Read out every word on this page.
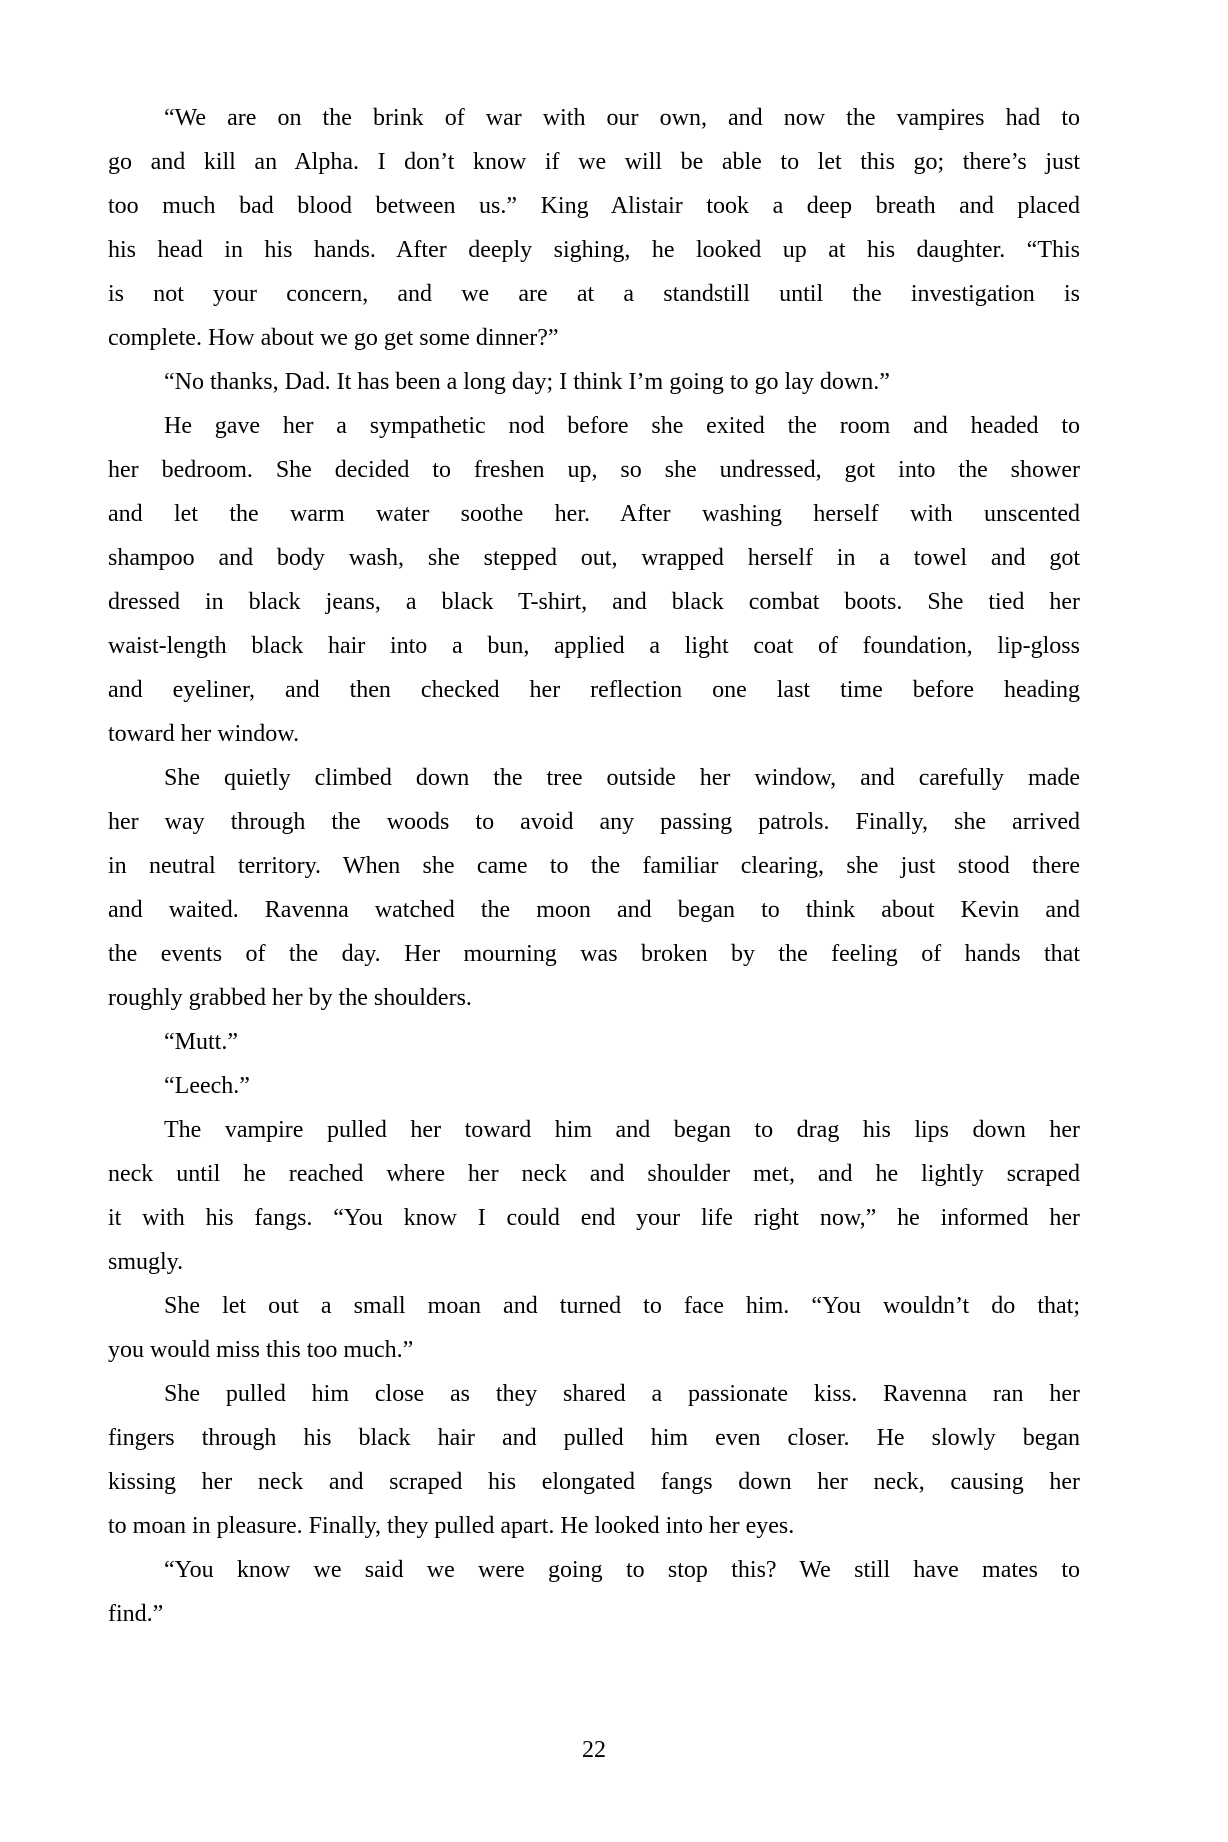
“We are on the brink of war with our own, and now the vampires had to
go and kill an Alpha. I don’t know if we will be able to let this go; there’s just
too much bad blood between us.” King Alistair took a deep breath and placed
his head in his hands. After deeply sighing, he looked up at his daughter. “This
is not your concern, and we are at a standstill until the investigation is
complete. How about we go get some dinner?”
“No thanks, Dad. It has been a long day; I think I’m going to go lay down.”
He gave her a sympathetic nod before she exited the room and headed to
her bedroom. She decided to freshen up, so she undressed, got into the shower
and let the warm water soothe her. After washing herself with unscented
shampoo and body wash, she stepped out, wrapped herself in a towel and got
dressed in black jeans, a black T-shirt, and black combat boots. She tied her
waist-length black hair into a bun, applied a light coat of foundation, lip-gloss
and eyeliner, and then checked her reflection one last time before heading
toward her window.
She quietly climbed down the tree outside her window, and carefully made
her way through the woods to avoid any passing patrols. Finally, she arrived
in neutral territory. When she came to the familiar clearing, she just stood there
and waited. Ravenna watched the moon and began to think about Kevin and
the events of the day. Her mourning was broken by the feeling of hands that
roughly grabbed her by the shoulders.
“Mutt.”
“Leech.”
The vampire pulled her toward him and began to drag his lips down her
neck until he reached where her neck and shoulder met, and he lightly scraped
it with his fangs. “You know I could end your life right now,” he informed her
smugly.
She let out a small moan and turned to face him. “You wouldn’t do that;
you would miss this too much.”
She pulled him close as they shared a passionate kiss. Ravenna ran her
fingers through his black hair and pulled him even closer. He slowly began
kissing her neck and scraped his elongated fangs down her neck, causing her
to moan in pleasure. Finally, they pulled apart. He looked into her eyes.
“You know we said we were going to stop this? We still have mates to
find.”
22
